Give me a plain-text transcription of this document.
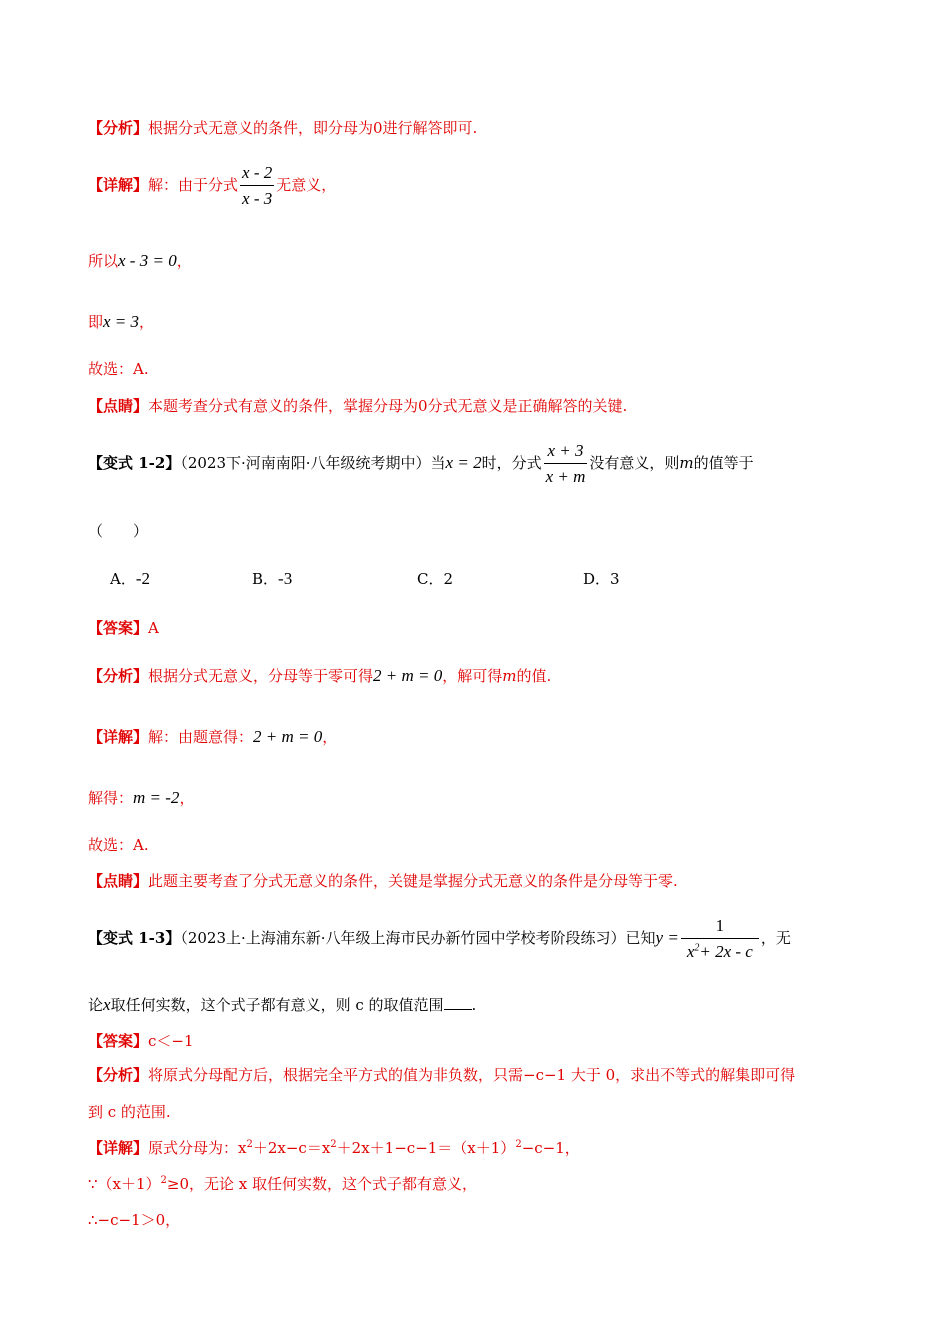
【分析】根据分式无意义的条件，即分母为0进行解答即可.
【详解】解：由于分式 $\frac{x - 2}{x - 3}$ 无意义，
所以x - 3 = 0，
即x = 3，
故选：A.
【点睛】本题考查分式有意义的条件，掌握分母为0分式无意义是正确解答的关键.
【变式 1-2】（2023下·河南南阳·八年级统考期中）当x = 2时，分式 $\frac{x + 3}{x + m}$ 没有意义，则m的值等于
（　　）
A．-2	B．-3	C．2	D．3
【答案】A
【分析】根据分式无意义，分母等于零可得2 + m = 0，解可得m的值.
【详解】解：由题意得：2 + m = 0，
解得：m = -2，
故选：A.
【点睛】此题主要考查了分式无意义的条件，关键是掌握分式无意义的条件是分母等于零.
【变式 1-3】（2023上·上海浦东新·八年级上海市民办新竹园中学校考阶段练习）已知$y = \frac{1}{x^2+ 2x - c}$ ，无
论x取任何实数，这个式子都有意义，则 c 的取值范围 .
【答案】c＜−1
【分析】将原式分母配方后，根据完全平方式的值为非负数，只需−c−1 大于 0，求出不等式的解集即可得
到 c 的范围.
【详解】原式分母为：$x^2+2x-c=x^2+2x+1-c-1=(x+1)^2-c-1$，
$\because(x+1)^2\ge 0$，无论 x 取任何实数，这个式子都有意义，
∴−c−1＞0，
